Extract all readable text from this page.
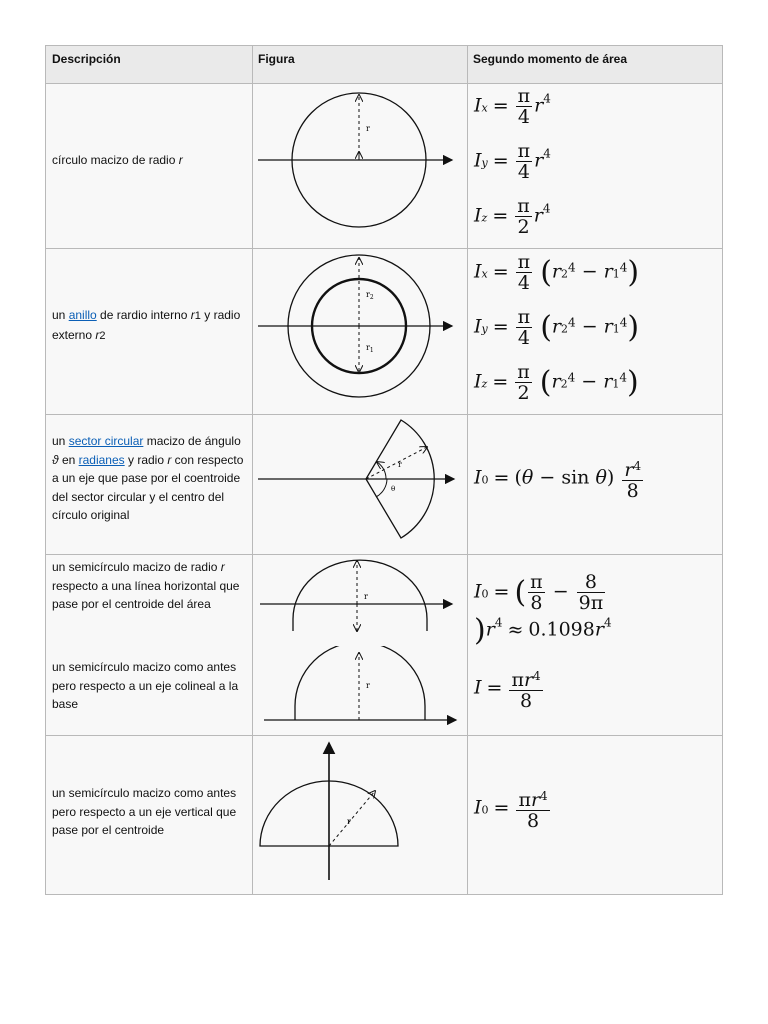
Descripción	Figura	Segundo momento de área
círculo macizo de radio r
un anillo de rardio interno r1 y radio externo r2
un sector circular macizo de ángulo ϑ en radianes y radio r con respecto a un eje que pase por el coentroide del sector circular y el centro del círculo original
un semicírculo macizo de radio r respecto a una línea horizontal que pase por el centroide del área
un semicírculo macizo como antes pero respecto a un eje colineal a la base
un semicírculo macizo como antes pero respecto a un eje vertical que pase por el centroide
r
$r_2$
$r_1$
r
θ
r
r
r
$Ix = \frac{\pi}{4} r^4$
$Iy = \frac{\pi}{4} r^4$
$Iz = \frac{\pi}{2} r^4$
$Ix = \frac{\pi}{4} (r2^4 - r1^4)$
$Iy = \frac{\pi}{4} (r2^4 - r1^4)$
$Iz = \frac{\pi}{2} (r2^4 - r1^4)$
$I0 = (\theta - \sin \theta) \frac{r^4}{8}$
I0 = ( $\frac{\pi}{8} - \frac{8}{9\pi}$
)$r^4 \approx 0.1098r^4$
$I = \frac{\pi r^4}{8}$
$I0 = \frac{\pi r^4}{8}$
